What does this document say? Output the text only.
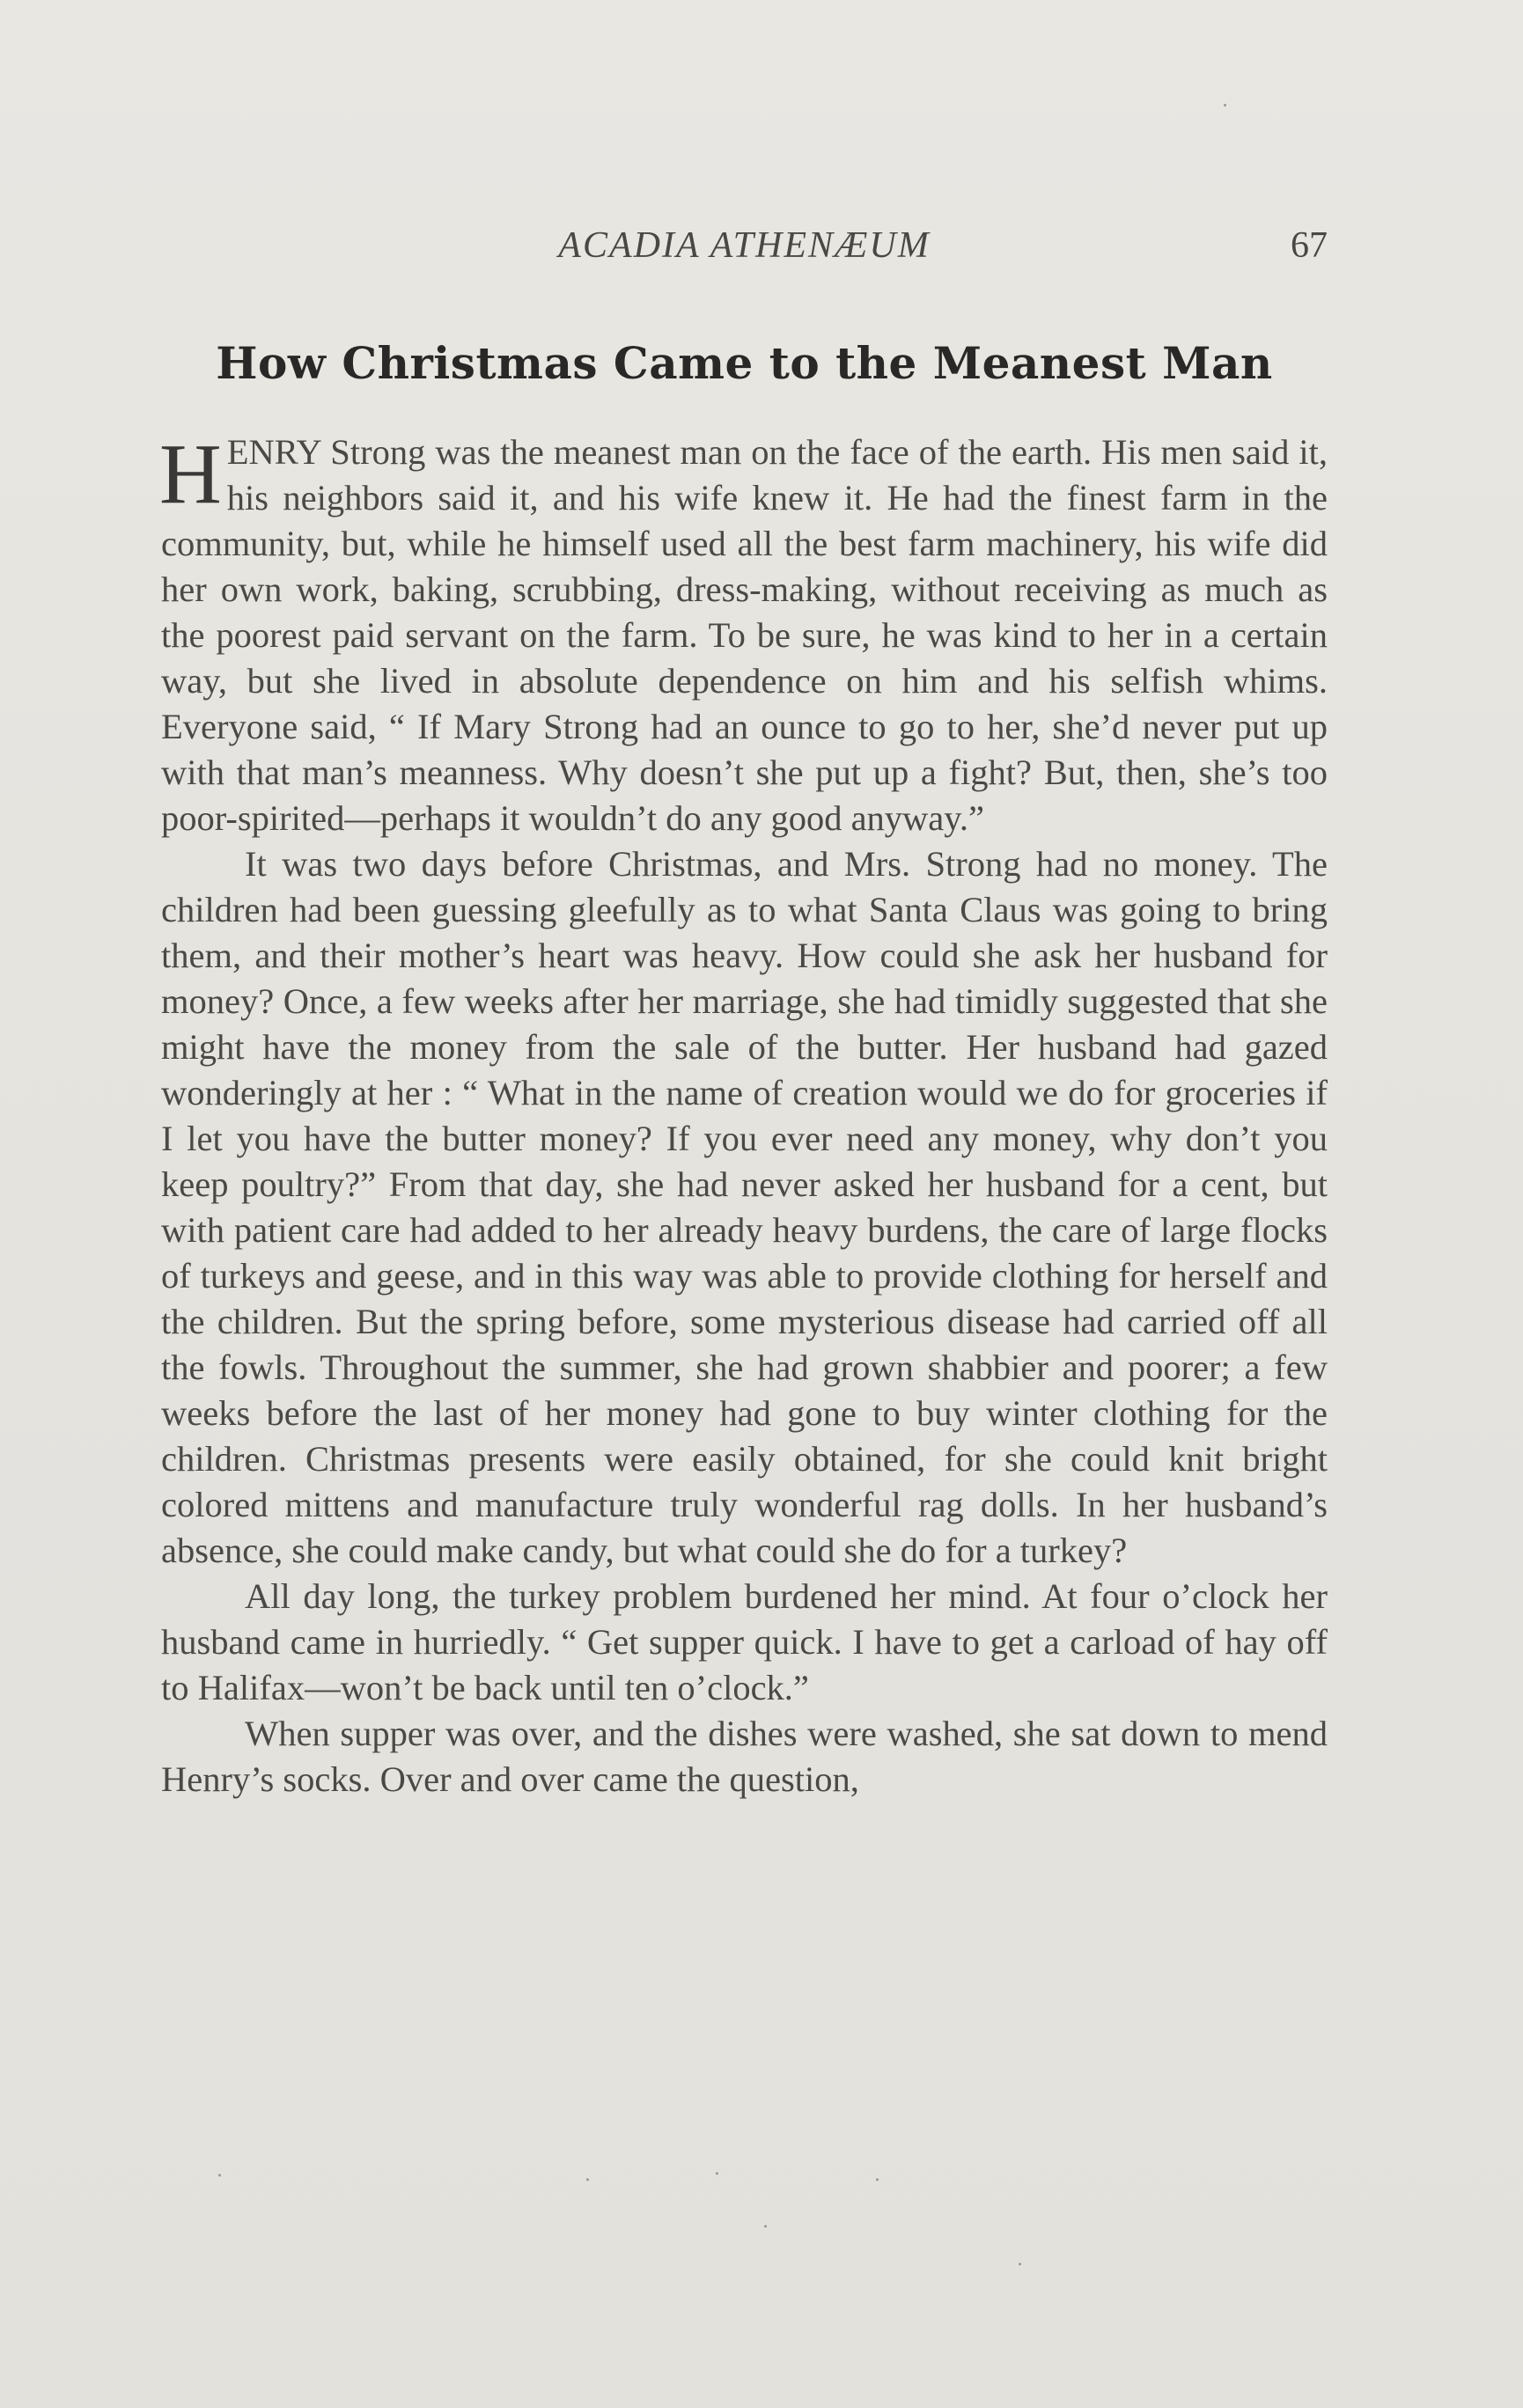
ACADIA ATHENÆUM	67
How Christmas Came to the Meanest Man

HENRY Strong was the meanest man on the face of the earth. His men said it, his neighbors said it, and his wife knew it. He had the finest farm in the community, but, while he himself used all the best farm machinery, his wife did her own work, baking, scrubbing, dress-making, without receiving as much as the poorest paid servant on the farm. To be sure, he was kind to her in a certain way, but she lived in absolute dependence on him and his selfish whims. Everyone said, “ If Mary Strong had an ounce to go to her, she’d never put up with that man’s meanness. Why doesn’t she put up a fight? But, then, she’s too poor-spirited—perhaps it wouldn’t do any good anyway.”

It was two days before Christmas, and Mrs. Strong had no money. The children had been guessing gleefully as to what Santa Claus was going to bring them, and their mother’s heart was heavy. How could she ask her husband for money? Once, a few weeks after her marriage, she had timidly suggested that she might have the money from the sale of the butter. Her husband had gazed wonderingly at her : “ What in the name of creation would we do for groceries if I let you have the butter money? If you ever need any money, why don’t you keep poultry?” From that day, she had never asked her husband for a cent, but with patient care had added to her already heavy burdens, the care of large flocks of turkeys and geese, and in this way was able to provide clothing for herself and the children. But the spring before, some mysterious disease had carried off all the fowls. Throughout the summer, she had grown shabbier and poorer; a few weeks before the last of her money had gone to buy winter clothing for the children. Christmas presents were easily obtained, for she could knit bright colored mittens and manufacture truly wonderful rag dolls. In her husband’s absence, she could make candy, but what could she do for a turkey?

All day long, the turkey problem burdened her mind. At four o’clock her husband came in hurriedly. “ Get supper quick. I have to get a carload of hay off to Halifax—won’t be back until ten o’clock.”

When supper was over, and the dishes were washed, she sat down to mend Henry’s socks. Over and over came the question,
